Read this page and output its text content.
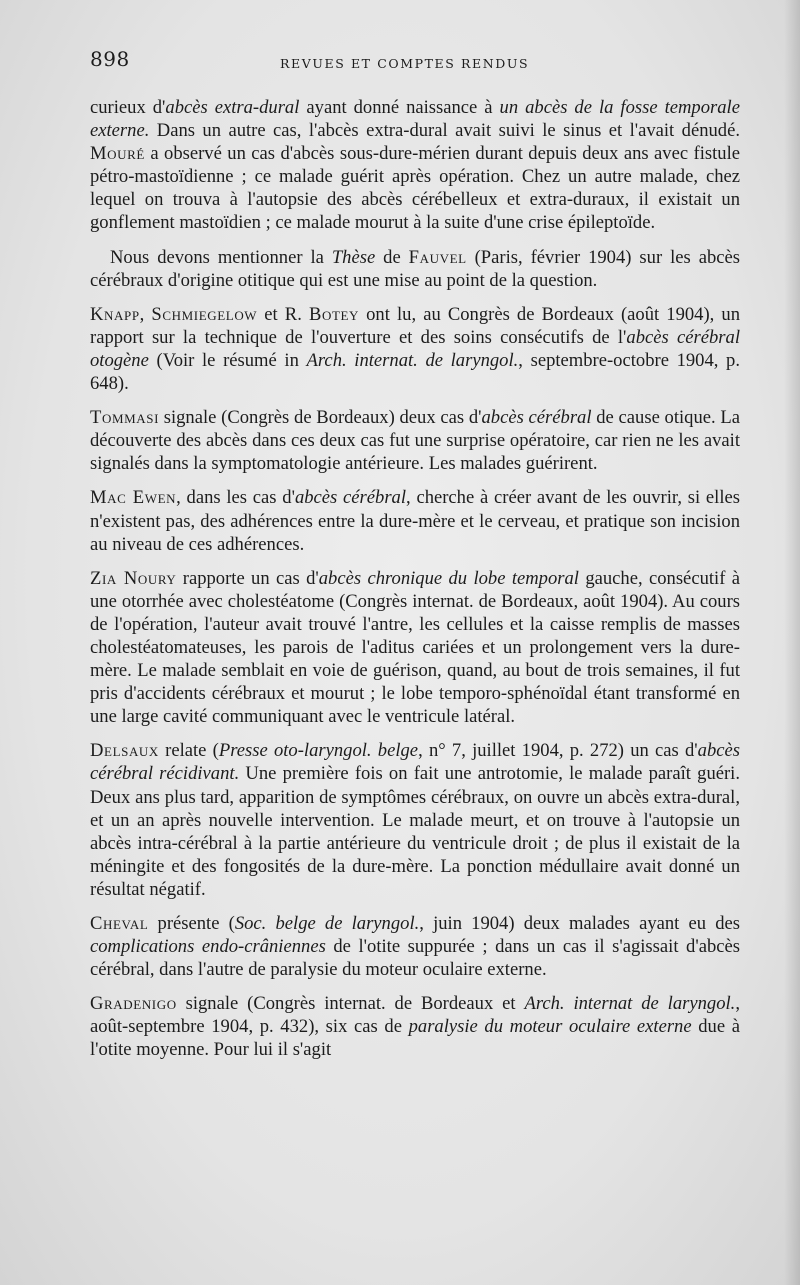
898	REVUES ET COMPTES RENDUS

curieux d'abcès extra-dural ayant donné naissance à un abcès de la fosse temporale externe. Dans un autre cas, l'abcès extra-dural avait suivi le sinus et l'avait dénudé. Mouré a observé un cas d'abcès sous-dure-mérien durant depuis deux ans avec fistule pétro-mastoïdienne ; ce malade guérit après opération. Chez un autre malade, chez lequel on trouva à l'autopsie des abcès cérébelleux et extra-duraux, il existait un gonflement mastoïdien ; ce malade mourut à la suite d'une crise épileptoïde.

Nous devons mentionner la Thèse de Fauvel (Paris, février 1904) sur les abcès cérébraux d'origine otitique qui est une mise au point de la question.

Knapp, Schmiegelow et R. Botey ont lu, au Congrès de Bordeaux (août 1904), un rapport sur la technique de l'ouverture et des soins consécutifs de l'abcès cérébral otogène (Voir le résumé in Arch. internat. de laryngol., septembre-octobre 1904, p. 648).

Tommasi signale (Congrès de Bordeaux) deux cas d'abcès cérébral de cause otique. La découverte des abcès dans ces deux cas fut une surprise opératoire, car rien ne les avait signalés dans la symptomatologie antérieure. Les malades guérirent.

Mac Ewen, dans les cas d'abcès cérébral, cherche à créer avant de les ouvrir, si elles n'existent pas, des adhérences entre la dure-mère et le cerveau, et pratique son incision au niveau de ces adhérences.

Zia Noury rapporte un cas d'abcès chronique du lobe temporal gauche, consécutif à une otorrhée avec cholestéatome (Congrès internat. de Bordeaux, août 1904). Au cours de l'opération, l'auteur avait trouvé l'antre, les cellules et la caisse remplis de masses cholestéatomateuses, les parois de l'aditus cariées et un prolongement vers la dure-mère. Le malade semblait en voie de guérison, quand, au bout de trois semaines, il fut pris d'accidents cérébraux et mourut ; le lobe temporo-sphénoïdal étant transformé en une large cavité communiquant avec le ventricule latéral.

Delsaux relate (Presse oto-laryngol. belge, n° 7, juillet 1904, p. 272) un cas d'abcès cérébral récidivant. Une première fois on fait une antrotomie, le malade paraît guéri. Deux ans plus tard, apparition de symptômes cérébraux, on ouvre un abcès extra-dural, et un an après nouvelle intervention. Le malade meurt, et on trouve à l'autopsie un abcès intra-cérébral à la partie antérieure du ventricule droit ; de plus il existait de la méningite et des fongosités de la dure-mère. La ponction médullaire avait donné un résultat négatif.

Cheval présente (Soc. belge de laryngol., juin 1904) deux malades ayant eu des complications endo-crâniennes de l'otite suppurée ; dans un cas il s'agissait d'abcès cérébral, dans l'autre de paralysie du moteur oculaire externe.

Gradenigo signale (Congrès internat. de Bordeaux et Arch. internat de laryngol., août-septembre 1904, p. 432), six cas de paralysie du moteur oculaire externe due à l'otite moyenne. Pour lui il s'agit
